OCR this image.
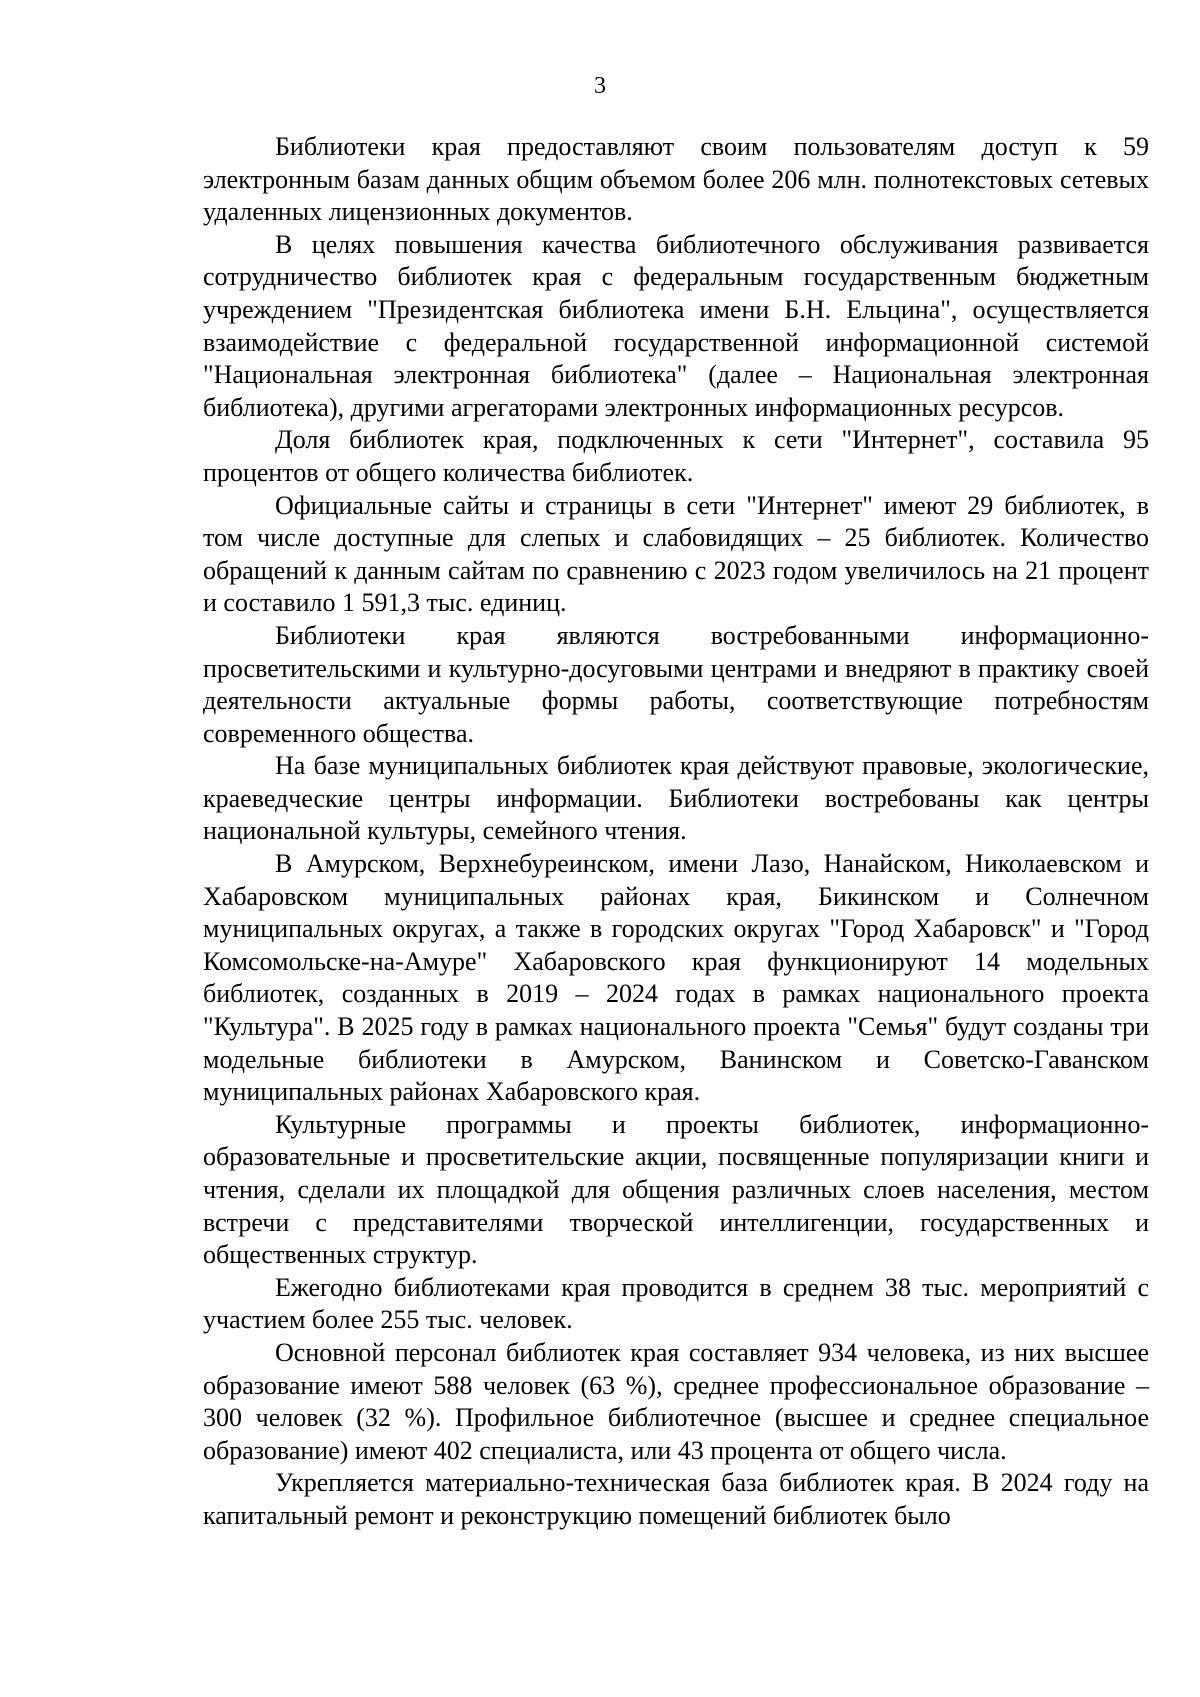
3

Библиотеки края предоставляют своим пользователям доступ к 59 электронным базам данных общим объемом более 206 млн. полнотекстовых сетевых удаленных лицензионных документов.

В целях повышения качества библиотечного обслуживания развивается сотрудничество библиотек края с федеральным государственным бюджетным учреждением "Президентская библиотека имени Б.Н. Ельцина", осуществляется взаимодействие с федеральной государственной информационной системой "Национальная электронная библиотека" (далее – Национальная электронная библиотека), другими агрегаторами электронных информационных ресурсов.

Доля библиотек края, подключенных к сети "Интернет", составила 95 процентов от общего количества библиотек.

Официальные сайты и страницы в сети "Интернет" имеют 29 библиотек, в том числе доступные для слепых и слабовидящих – 25 библиотек. Количество обращений к данным сайтам по сравнению с 2023 годом увеличилось на 21 процент и составило 1 591,3 тыс. единиц.

Библиотеки края являются востребованными информационно-просветительскими и культурно-досуговыми центрами и внедряют в практику своей деятельности актуальные формы работы, соответствующие потребностям современного общества.

На базе муниципальных библиотек края действуют правовые, экологические, краеведческие центры информации. Библиотеки востребованы как центры национальной культуры, семейного чтения.

В Амурском, Верхнебуреинском, имени Лазо, Нанайском, Николаевском и Хабаровском муниципальных районах края, Бикинском и Солнечном муниципальных округах, а также в городских округах "Город Хабаровск" и "Город Комсомольске-на-Амуре" Хабаровского края функционируют 14 модельных библиотек, созданных в 2019 – 2024 годах в рамках национального проекта "Культура". В 2025 году в рамках национального проекта "Семья" будут созданы три модельные библиотеки в Амурском, Ванинском и Советско-Гаванском муниципальных районах Хабаровского края.

Культурные программы и проекты библиотек, информационно-образовательные и просветительские акции, посвященные популяризации книги и чтения, сделали их площадкой для общения различных слоев населения, местом встречи с представителями творческой интеллигенции, государственных и общественных структур.

Ежегодно библиотеками края проводится в среднем 38 тыс. мероприятий с участием более 255 тыс. человек.

Основной персонал библиотек края составляет 934 человека, из них высшее образование имеют 588 человек (63 %), среднее профессиональное образование – 300 человек (32 %). Профильное библиотечное (высшее и среднее специальное образование) имеют 402 специалиста, или 43 процента от общего числа.

Укрепляется материально-техническая база библиотек края. В 2024 году на капитальный ремонт и реконструкцию помещений библиотек было
